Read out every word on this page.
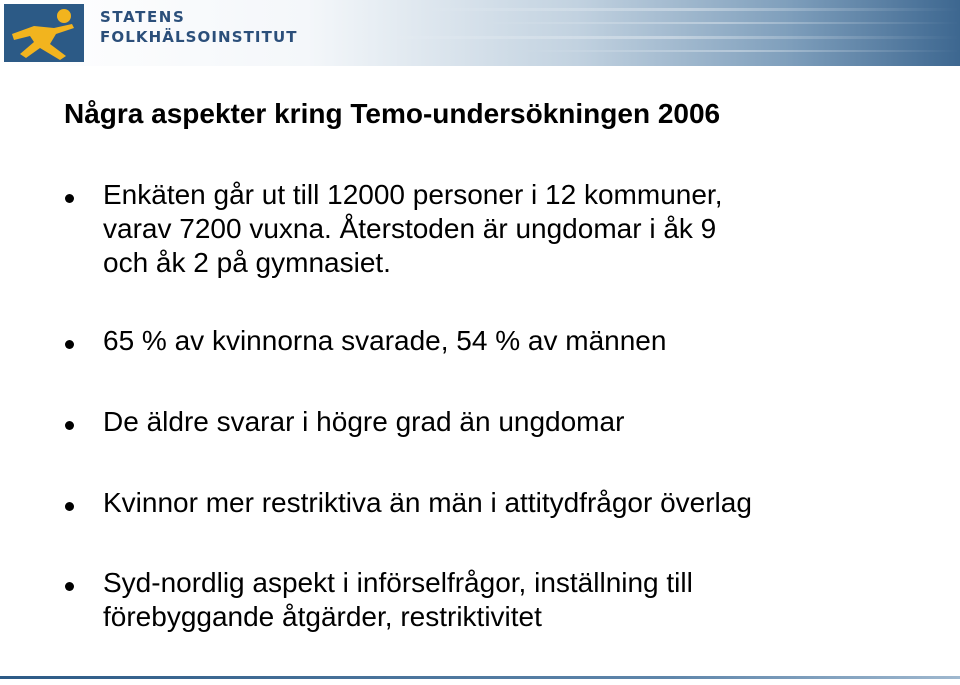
STATENS
FOLKHÄLSOINSTITUT
Några aspekter kring Temo-undersökningen 2006
Enkäten går ut till 12000 personer i 12 kommuner,
varav 7200 vuxna. Återstoden är ungdomar i åk 9
och åk 2 på gymnasiet.
65 % av kvinnorna svarade, 54 % av männen
De äldre svarar i högre grad än ungdomar
Kvinnor mer restriktiva än män i attitydfrågor överlag
Syd-nordlig aspekt i införselfrågor, inställning till
förebyggande åtgärder, restriktivitet
